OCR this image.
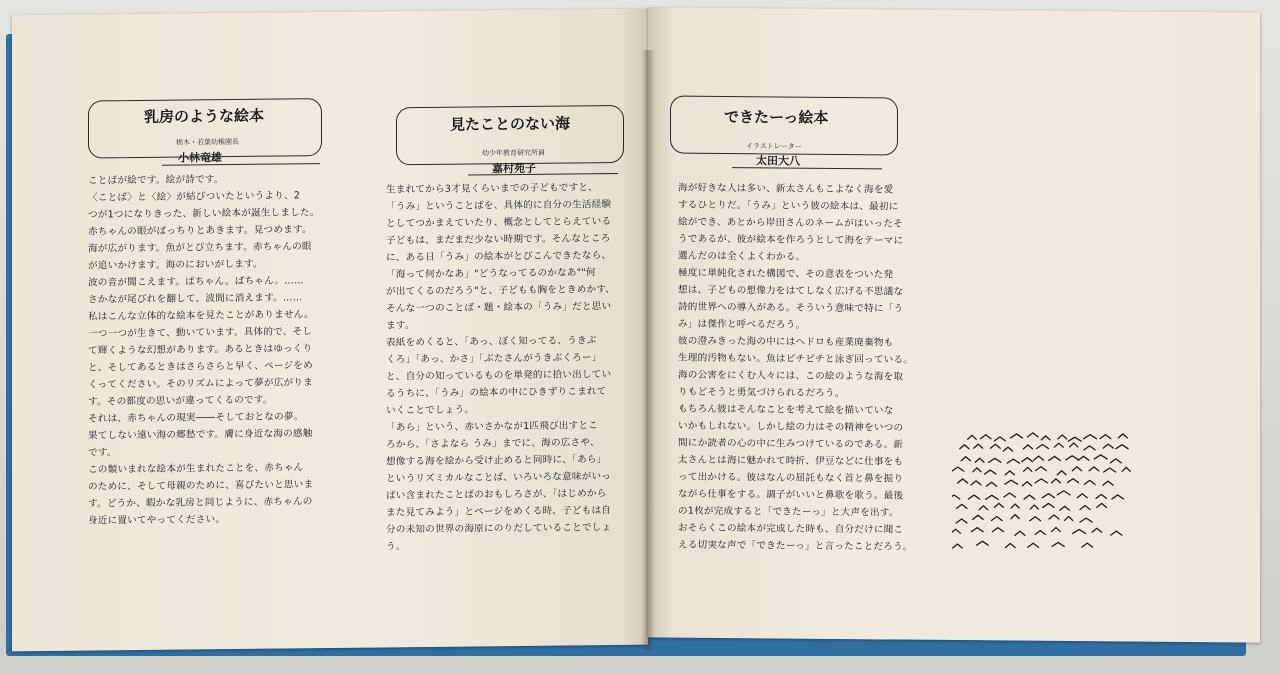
乳房のような絵本
栃木・若葉幼稚園長
小林竜雄

ことばが絵です。絵が詩です。

〈ことば〉と〈絵〉が結びついたというより、2

つが1つになりきった、新しい絵本が誕生しました。

赤ちゃんの眼がぱっちりとあきます。見つめます。

海が広がります。魚がとび立ちます。赤ちゃんの眼

が追いかけます。海のにおいがします。

波の音が聞こえます。ぱちゃん。ぱちゃん。……

さかなが尾びれを翻して、波間に消えます。……

私はこんな立体的な絵本を見たことがありません。

一つ一つが生きて、動いています。具体的で、そし

て輝くような幻想があります。あるときはゆっくり

と、そしてあるときはさらさらと早く、ページをめ

くってください。そのリズムによって夢が広がりま

す。その都度の思いが違ってくるのです。

それは、赤ちゃんの現実――そしておとなの夢。

果てしない遠い海の郷愁です。膚に身近な海の感触

です。

この類いまれな絵本が生まれたことを、赤ちゃん

のために、そして母親のために、喜びたいと思いま

す。どうか、暇かな乳房と同じように、赤ちゃんの

身近に置いてやってください。

見たことのない海
幼少年教育研究所員
嘉村苑子

生まれてから3才見くらいまでの子どもですと、

「うみ」ということばを、具体的に自分の生活経験

としてつかまえていたり、概念としてとらえている

子どもは、まだまだ少ない時期です。そんなところ

に、ある日「うみ」の絵本がとびこんできたなら、

「海って何かなあ」"どうなってるのかなあ""何

が出てくるのだろう"と、子どもも胸をときめかす、

そんな一つのことば・題・絵本の「うみ」だと思い

ます。

表紙をめくると、「あっ、ぼく知ってる、うきぶ

くろ」「あっ、かさ」「ぶたさんがうきぶくろー」

と、自分の知っているものを単発的に拾い出してい

るうちに、「うみ」の絵本の中にひきずりこまれて

いくことでしょう。

「あら」という、赤いさかなが1匹飛び出すとこ

ろから、「さよなら うみ」までに、海の広さや、

想像する海を絵から受け止めると同時に、「あら」

というリズミカルなことば、いろいろな意味がいっ

ぱい含まれたことばのおもしろさが、「はじめから

また見てみよう」とページをめくる時、子どもは自

分の未知の世界の海原にのりだしていることでしょ

う。

できたーっ絵本
イラストレーター
太田大八

海が好きな人は多い、新太さんもこよなく海を愛

するひとりだ。「うみ」という彼の絵本は、最初に

絵ができ、あとから岸田さんのネームがはいったそ

うであるが、彼が絵本を作ろうとして海をテーマに

選んだのは全くよくわかる。

極度に単純化された構図で、その意表をついた発

想は、子どもの想像力をはてしなく広げる不思議な

詩的世界への導入がある。そういう意味で特に「う

み」は傑作と呼べるだろう。

彼の澄みきった海の中にはヘドロも産業廃棄物も

生理的汚物もない。魚はピチピチと泳ぎ回っている。

海の公害をにくむ人々には、この絵のような海を取

りもどそうと勇気づけられるだろう。

もちろん彼はそんなことを考えて絵を描いていな

いかもしれない。しかし絵の力はその精神をいつの

間にか読者の心の中に生みつけているのである。新

太さんとは海に魅かれて時折、伊豆などに仕事をも

って出かける。彼はなんの屈託もなく首と鼻を振り

ながら仕事をする。調子がいいと鼻歌を歌う。最後

の1枚が完成すると「できたーっ」と大声を出す。

おそらくこの絵本が完成した時も、自分だけに聞こ

える切実な声で「できたーっ」と言ったことだろう。
